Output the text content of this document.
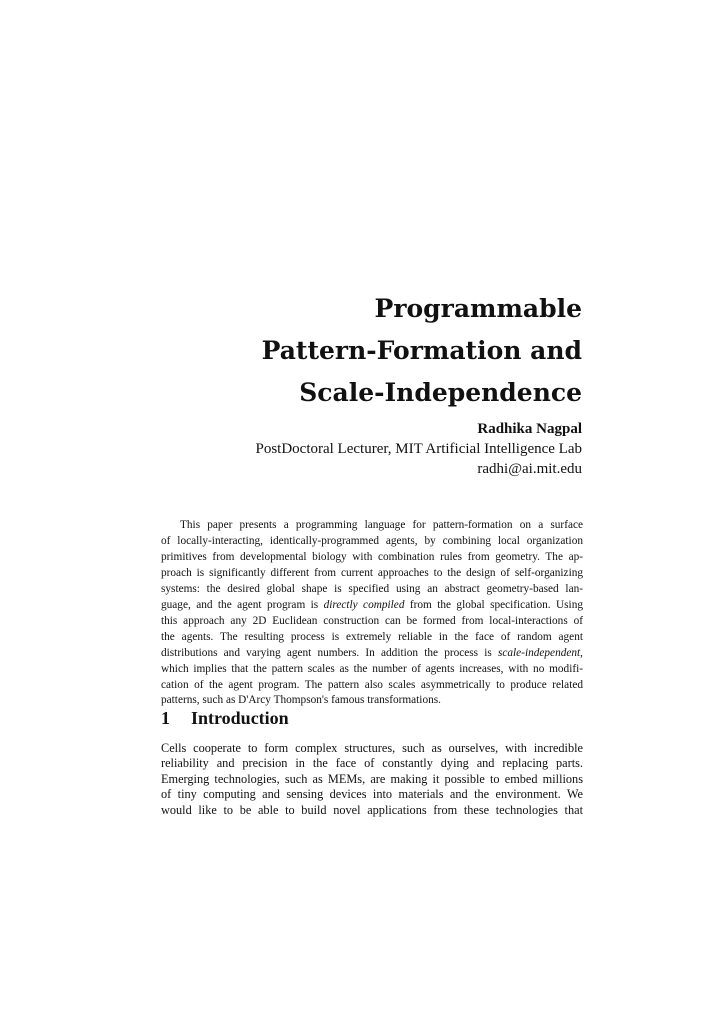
Programmable
Pattern-Formation and
Scale-Independence
Radhika Nagpal
PostDoctoral Lecturer, MIT Artificial Intelligence Lab
radhi@ai.mit.edu
This paper presents a programming language for pattern-formation on a surface
of locally-interacting, identically-programmed agents, by combining local organization
primitives from developmental biology with combination rules from geometry. The ap-
proach is significantly different from current approaches to the design of self-organizing
systems: the desired global shape is specified using an abstract geometry-based lan-
guage, and the agent program is directly compiled from the global specification. Using
this approach any 2D Euclidean construction can be formed from local-interactions of
the agents. The resulting process is extremely reliable in the face of random agent
distributions and varying agent numbers. In addition the process is scale-independent,
which implies that the pattern scales as the number of agents increases, with no modifi-
cation of the agent program. The pattern also scales asymmetrically to produce related
patterns, such as D'Arcy Thompson's famous transformations.
1 Introduction
Cells cooperate to form complex structures, such as ourselves, with incredible
reliability and precision in the face of constantly dying and replacing parts.
Emerging technologies, such as MEMs, are making it possible to embed millions
of tiny computing and sensing devices into materials and the environment. We
would like to be able to build novel applications from these technologies that
